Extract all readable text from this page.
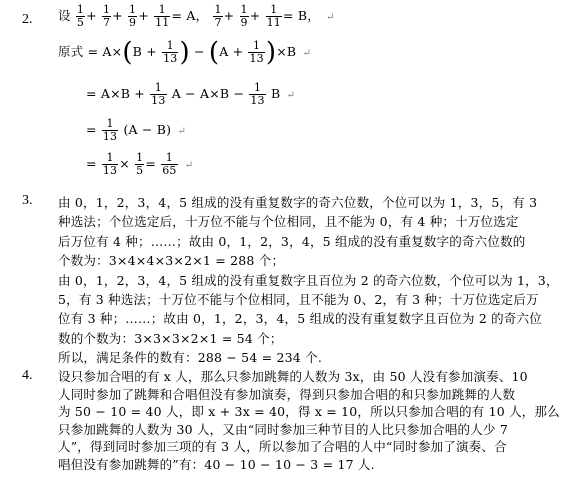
2. 设 $\frac{1}{5} + \frac{1}{7} + \frac{1}{9} + \frac{1}{11} = A$， $\frac{1}{7} + \frac{1}{9} + \frac{1}{11} = B$， ↵
原式 = $A\times(B + \frac{1}{13}$ ) − $(A + \frac{1}{13} )\times B$ ↵
= $A\times B + \frac{1}{13}$ $A - A\times B - \frac{1}{13}$ B ↵
= $\frac{1}{13} (A - B)$ ↵
= $\frac{1}{13} \times \frac{1}{5} = \frac{1}{65}$ ↵
3. 由 0，1，2，3，4，5 组成的没有重复数字的奇六位数，个位可以为 1，3，5，有 3
种选法；个位选定后，十万位不能与个位相同，且不能为 0，有 4 种；十万位选定
后万位有 4 种；……；故由 0，1，2，3，4，5 组成的没有重复数字的奇六位数的
个数为：3×4×4×3×2×1 = 288 个；
由 0，1，2，3，4，5 组成的没有重复数字且百位为 2 的奇六位数，个位可以为 1，3，
5，有 3 种选法；十万位不能与个位相同，且不能为 0、2，有 3 种；十万位选定后万
位有 3 种；……；故由 0，1，2，3，4，5 组成的没有重复数字且百位为 2 的奇六位
数的个数为：3×3×3×2×1 = 54 个；
所以，满足条件的数有：288 − 54 = 234 个.
4. 设只参加合唱的有 x 人，那么只参加跳舞的人数为 3x，由 50 人没有参加演奏、10
人同时参加了跳舞和合唱但没有参加演奏，得到只参加合唱的和只参加跳舞的人数
为 50 − 10 = 40 人，即 x + 3x = 40，得 x = 10，所以只参加合唱的有 10 人，那么
只参加跳舞的人数为 30 人，又由“同时参加三种节目的人比只参加合唱的人少 7
人”，得到同时参加三项的有 3 人，所以参加了合唱的人中“同时参加了演奏、合
唱但没有参加跳舞的”有：40 − 10 − 10 − 3 = 17 人.
